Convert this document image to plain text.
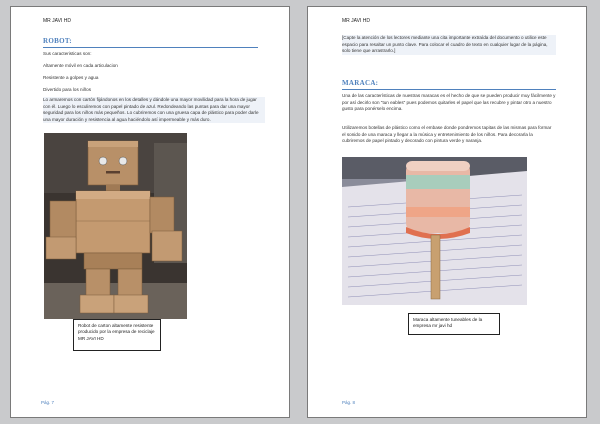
MR JAVI HD
ROBOT:
Sus caracteristicas son:
Altamente móvil en cada articulacion
Resistente a golpes y agua
Divertido para los niños
Lo armaremos con cartón fijándonos en los detalles y dándole una mayor movilidad para la hora de jugar con él. Luego lo esculiremos con papel pintado de azul. Redondeando las puntas para dar una mayor seguridad para los niños más pequeños. Lo cubriremos con una gruesa capa de plástico para poder darle una mayor duración y resistencia al agua haciéndolo así impermeable y más duro.
Robot de carton altamente resistente producido por la empresa de reciclaje MR JAVI HD
Pág. 7
MR JAVI HD
[Capte la atención de los lectores mediante una cita importante extraída del documento o utilice este espacio para resaltar un punto clave. Para colocar el cuadro de texto en cualquier lugar de la página, solo tiene que arrastrarlo.]
MARACA:
Una de las características de nuestras maracas es el hecho de que se pueden producir muy fácilmente y por así decirlo son "tun eables" pues podemos quitarles el papel que las recubre y pintar otro a nuestro gusto para ponérselo encima.
Utilizaremos botellas de plástico como el embase donde pondremos tapitas de las mismas para formar el sonido de una maraca y llegar a la música y entretenimiento de los niños. Para decorarla la cubriremos de papel pintado y decorado con pintura verde y naranja.
Maraca altamente tuneables de la empresa mr javi hd
Pág. 8
